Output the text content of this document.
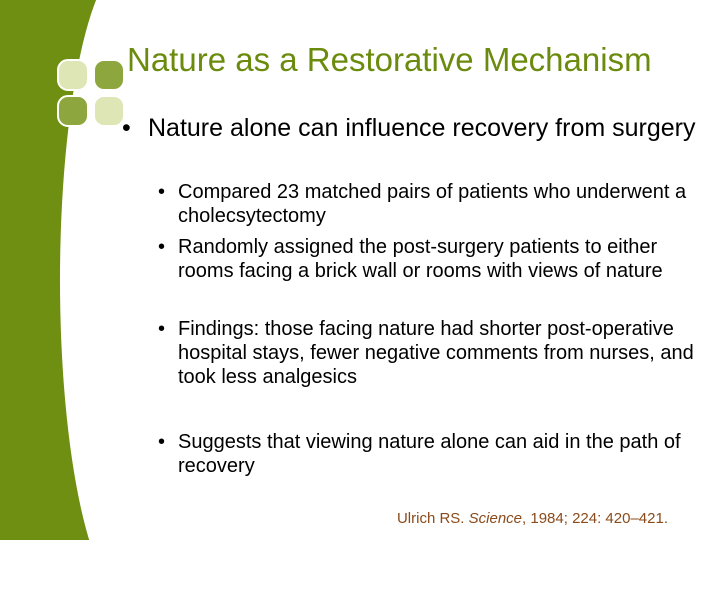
Nature as a Restorative Mechanism
• Nature alone can influence recovery from surgery
• Compared 23 matched pairs of patients who underwent a cholecsytectomy
• Randomly assigned the post-surgery patients to either rooms facing a brick wall or rooms with views of nature
• Findings: those facing nature had shorter post-operative hospital stays, fewer negative comments from nurses, and took less analgesics
• Suggests that viewing nature alone can aid in the path of recovery
Ulrich RS. Science, 1984; 224: 420–421.
